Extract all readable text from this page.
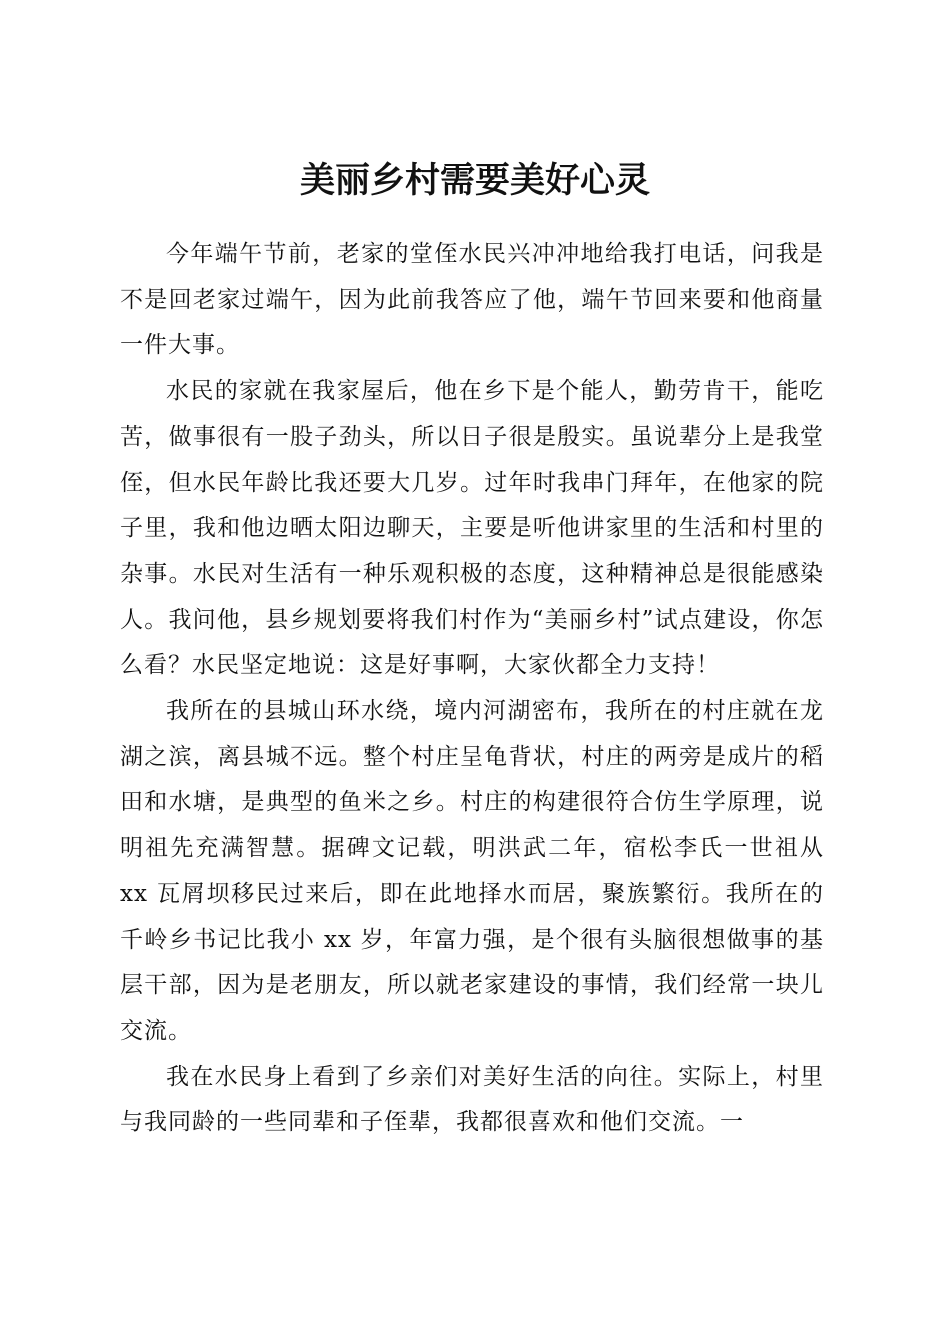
美丽乡村需要美好心灵

今年端午节前，老家的堂侄水民兴冲冲地给我打电话，问我是不是回老家过端午，因为此前我答应了他，端午节回来要和他商量一件大事。

水民的家就在我家屋后，他在乡下是个能人，勤劳肯干，能吃苦，做事很有一股子劲头，所以日子很是殷实。虽说辈分上是我堂侄，但水民年龄比我还要大几岁。过年时我串门拜年，在他家的院子里，我和他边晒太阳边聊天，主要是听他讲家里的生活和村里的杂事。水民对生活有一种乐观积极的态度，这种精神总是很能感染人。我问他，县乡规划要将我们村作为“美丽乡村”试点建设，你怎么看？水民坚定地说：这是好事啊，大家伙都全力支持！

我所在的县城山环水绕，境内河湖密布，我所在的村庄就在龙湖之滨，离县城不远。整个村庄呈龟背状，村庄的两旁是成片的稻田和水塘，是典型的鱼米之乡。村庄的构建很符合仿生学原理，说明祖先充满智慧。据碑文记载，明洪武二年，宿松李氏一世祖从 xx 瓦屑坝移民过来后，即在此地择水而居，聚族繁衍。我所在的千岭乡书记比我小 xx 岁，年富力强，是个很有头脑很想做事的基层干部，因为是老朋友，所以就老家建设的事情，我们经常一块儿交流。

我在水民身上看到了乡亲们对美好生活的向往。实际上，村里与我同龄的一些同辈和子侄辈，我都很喜欢和他们交流。一
